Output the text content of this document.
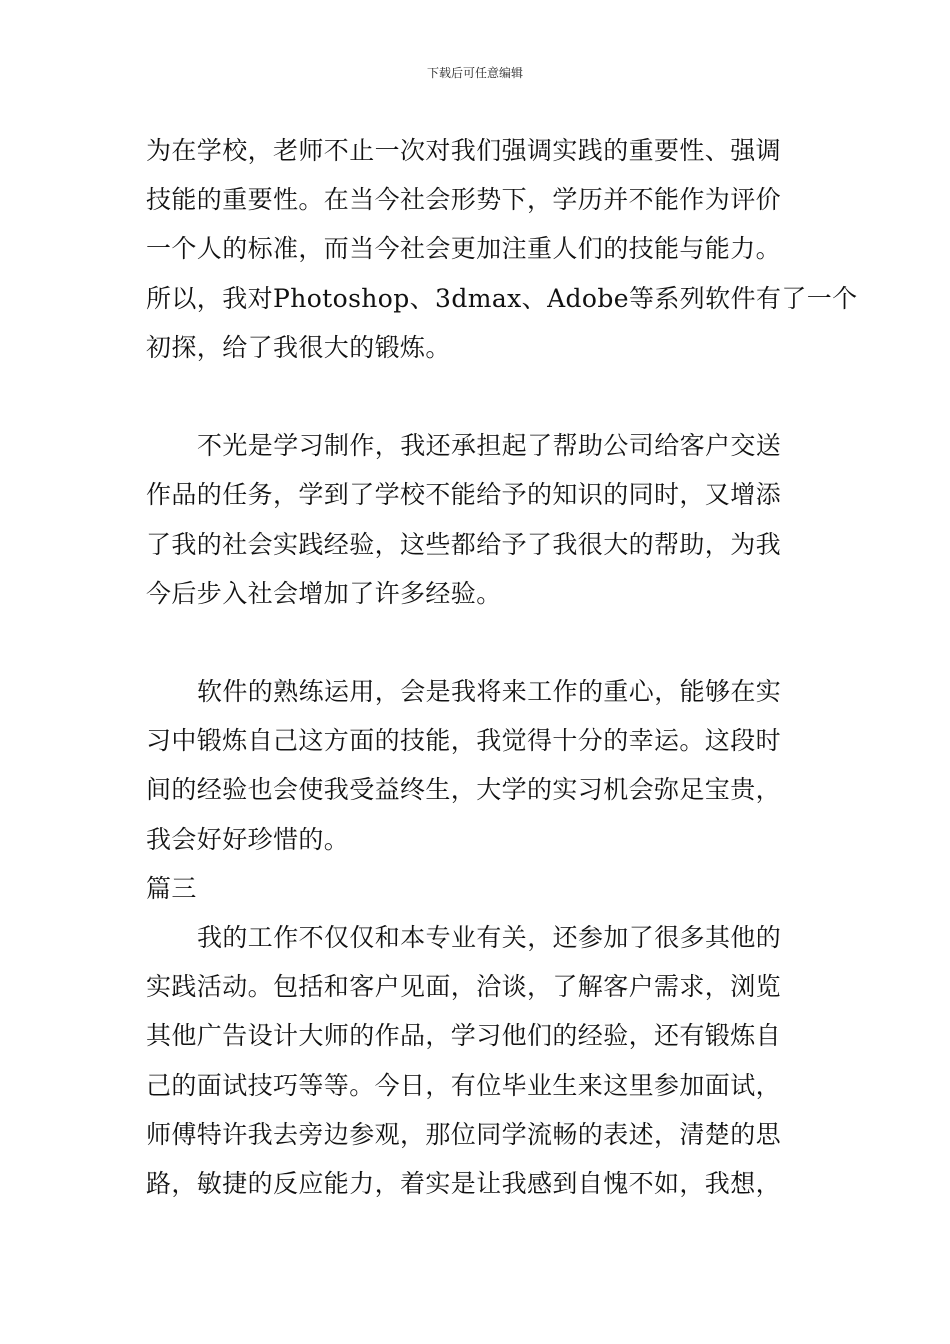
下载后可任意编辑
为在学校，老师不止一次对我们强调实践的重要性、强调
技能的重要性。在当今社会形势下，学历并不能作为评价
一个人的标准，而当今社会更加注重人们的技能与能力。
所以，我对Photoshop、3dmax、Adobe等系列软件有了一个
初探，给了我很大的锻炼。
不光是学习制作，我还承担起了帮助公司给客户交送
作品的任务，学到了学校不能给予的知识的同时，又增添
了我的社会实践经验，这些都给予了我很大的帮助，为我
今后步入社会增加了许多经验。
软件的熟练运用，会是我将来工作的重心，能够在实
习中锻炼自己这方面的技能，我觉得十分的幸运。这段时
间的经验也会使我受益终生，大学的实习机会弥足宝贵，
我会好好珍惜的。
篇三
我的工作不仅仅和本专业有关，还参加了很多其他的
实践活动。包括和客户见面，洽谈，了解客户需求，浏览
其他广告设计大师的作品，学习他们的经验，还有锻炼自
己的面试技巧等等。今日，有位毕业生来这里参加面试，
师傅特许我去旁边参观，那位同学流畅的表述，清楚的思
路，敏捷的反应能力，着实是让我感到自愧不如，我想，
